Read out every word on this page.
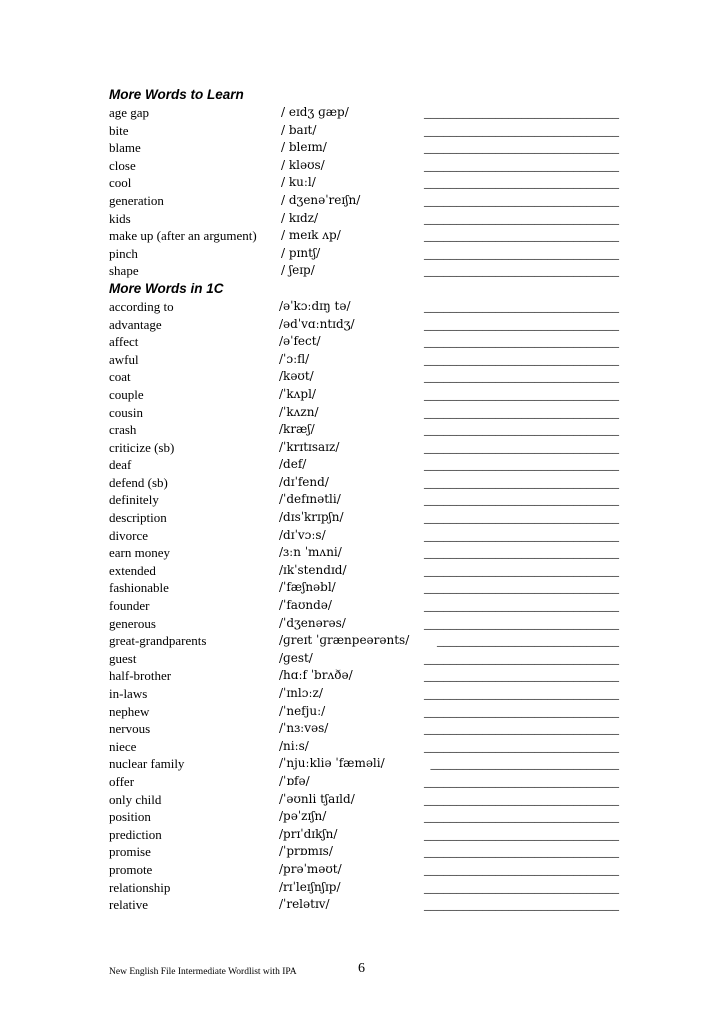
More Words to Learn
age gap	/ eɪdʒ ɡæp/	______________________________
bite	/ baɪt/	______________________________
blame	/ bleɪm/	______________________________
close	/ kləʊs/	______________________________
cool	/ kuːl/	______________________________
generation	/ dʒenəˈreɪʃn/	______________________________
kids	/ kɪdz/	______________________________
make up (after an argument) / meɪk ʌp/	______________________________
pinch	/ pɪntʃ/	______________________________
shape	/ ʃeɪp/	______________________________
More Words in 1C
according to	/əˈkɔːdɪŋ tə/	______________________________
advantage	/ədˈvɑːntɪdʒ/	______________________________
affect	/əˈfect/	______________________________
awful	/ˈɔːfl/	______________________________
coat	/kəʊt/	______________________________
couple	/ˈkʌpl/	______________________________
cousin	/ˈkʌzn/	______________________________
crash	/kræʃ/	______________________________
criticize (sb)	/ˈkrɪtɪsaɪz/	______________________________
deaf	/def/	______________________________
defend (sb)	/dɪˈfend/	______________________________
definitely	/ˈdefɪnətli/	______________________________
description	/dɪsˈkrɪpʃn/	______________________________
divorce	/dɪˈvɔːs/	______________________________
earn money	/ɜːn ˈmʌni/	______________________________
extended	/ɪkˈstendɪd/	______________________________
fashionable	/ˈfæʃnəbl/	______________________________
founder	/ˈfaʊndə/	______________________________
generous	/ˈdʒenərəs/	______________________________
great-grandparents	/ɡreɪt ˈɡrænpeərənts/ ____________________________
guest	/ɡest/	______________________________
half-brother	/hɑːf ˈbrʌðə/	______________________________
in-laws	/ˈɪnlɔːz/	______________________________
nephew	/ˈnefjuː/	______________________________
nervous	/ˈnɜːvəs/	______________________________
niece	/niːs/	______________________________
nuclear family	/ˈnjuːkliə ˈfæməli/	_____________________________
offer	/ˈɒfə/	______________________________
only child	/ˈəʊnli tʃaɪld/	______________________________
position	/pəˈzɪʃn/	______________________________
prediction	/prɪˈdɪkʃn/	______________________________
promise	/ˈprɒmɪs/	______________________________
promote	/prəˈməʊt/	______________________________
relationship	/rɪˈleɪʃnʃɪp/	______________________________
relative	/ˈrelətɪv/	______________________________
New English File Intermediate Wordlist with IPA	6
